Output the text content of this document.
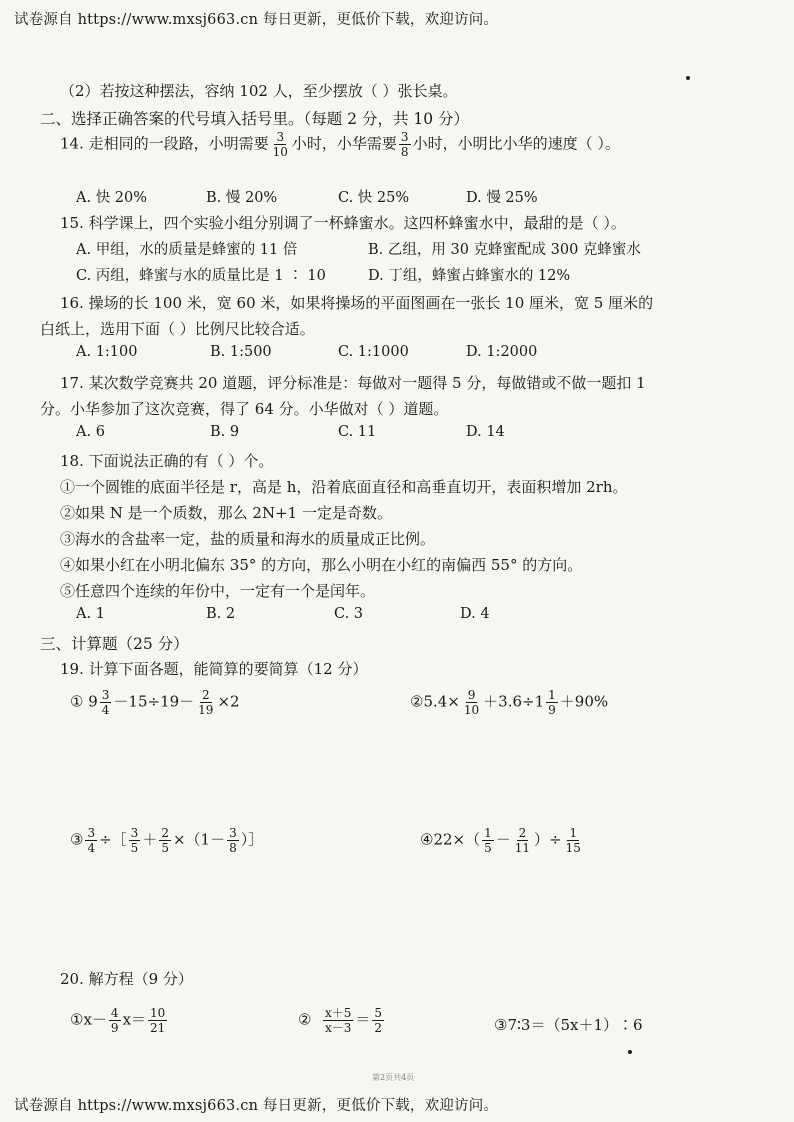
试卷源自 https://www.mxsj663.cn 每日更新，更低价下载，欢迎访问。
（2）若按这种摆法，容纳 102 人，至少摆放（ ）张长桌。
二、选择正确答案的代号填入括号里。（每题 2 分，共 10 分）
14. 走相同的一段路，小明需要 $\frac{3}{10}$ 小时，小华需要 $\frac{3}{8}$ 小时，小明比小华的速度（ ）。
A. 快 20%	B. 慢 20%	C. 快 25%	D. 慢 25%
15. 科学课上，四个实验小组分别调了一杯蜂蜜水。这四杯蜂蜜水中，最甜的是（ ）。
A. 甲组，水的质量是蜂蜜的 11 倍	B. 乙组，用 30 克蜂蜜配成 300 克蜂蜜水
C. 丙组，蜂蜜与水的质量比是 1 ∶ 10	D. 丁组，蜂蜜占蜂蜜水的 12%
16. 操场的长 100 米，宽 60 米，如果将操场的平面图画在一张长 10 厘米，宽 5 厘米的
白纸上，选用下面（ ）比例尺比较合适。
A. 1:100	B. 1:500	C. 1:1000	D. 1:2000
17. 某次数学竞赛共 20 道题，评分标准是：每做对一题得 5 分，每做错或不做一题扣 1
分。小华参加了这次竞赛，得了 64 分。小华做对（ ）道题。
A. 6	B. 9	C. 11	D. 14
18. 下面说法正确的有（ ）个。
①一个圆锥的底面半径是 r，高是 h，沿着底面直径和高垂直切开，表面积增加 2rh。
②如果 N 是一个质数，那么 2N+1 一定是奇数。
③海水的含盐率一定，盐的质量和海水的质量成正比例。
④如果小红在小明北偏东 35° 的方向，那么小明在小红的南偏西 55° 的方向。
⑤任意四个连续的年份中，一定有一个是闰年。
A. 1	B. 2	C. 3	D. 4
三、计算题（25 分）
19. 计算下面各题，能简算的要简算（12 分）
① $9 \frac{3}{4} -15\div 19- \frac{2}{19} \times 2$	②5.4× $\frac{9}{10} +3.6\div 1 \frac{1}{9} +90\%$
③ $\frac{3}{4}$ ÷［ $\frac{3}{5} + \frac{2}{5} \times(1- \frac{3}{8}$ ）］	④22×（ $\frac{1}{5} - \frac{2}{11}$ ）÷ $\frac{1}{15}$
20. 解方程（9 分）
①x－ $\frac{4}{9} x= \frac{10}{21}$	② $\frac{x+5}{x-3} = \frac{5}{2}$	③7∶3＝（5x＋1）∶6
第2页共4页
试卷源自 https://www.mxsj663.cn 每日更新，更低价下载，欢迎访问。
